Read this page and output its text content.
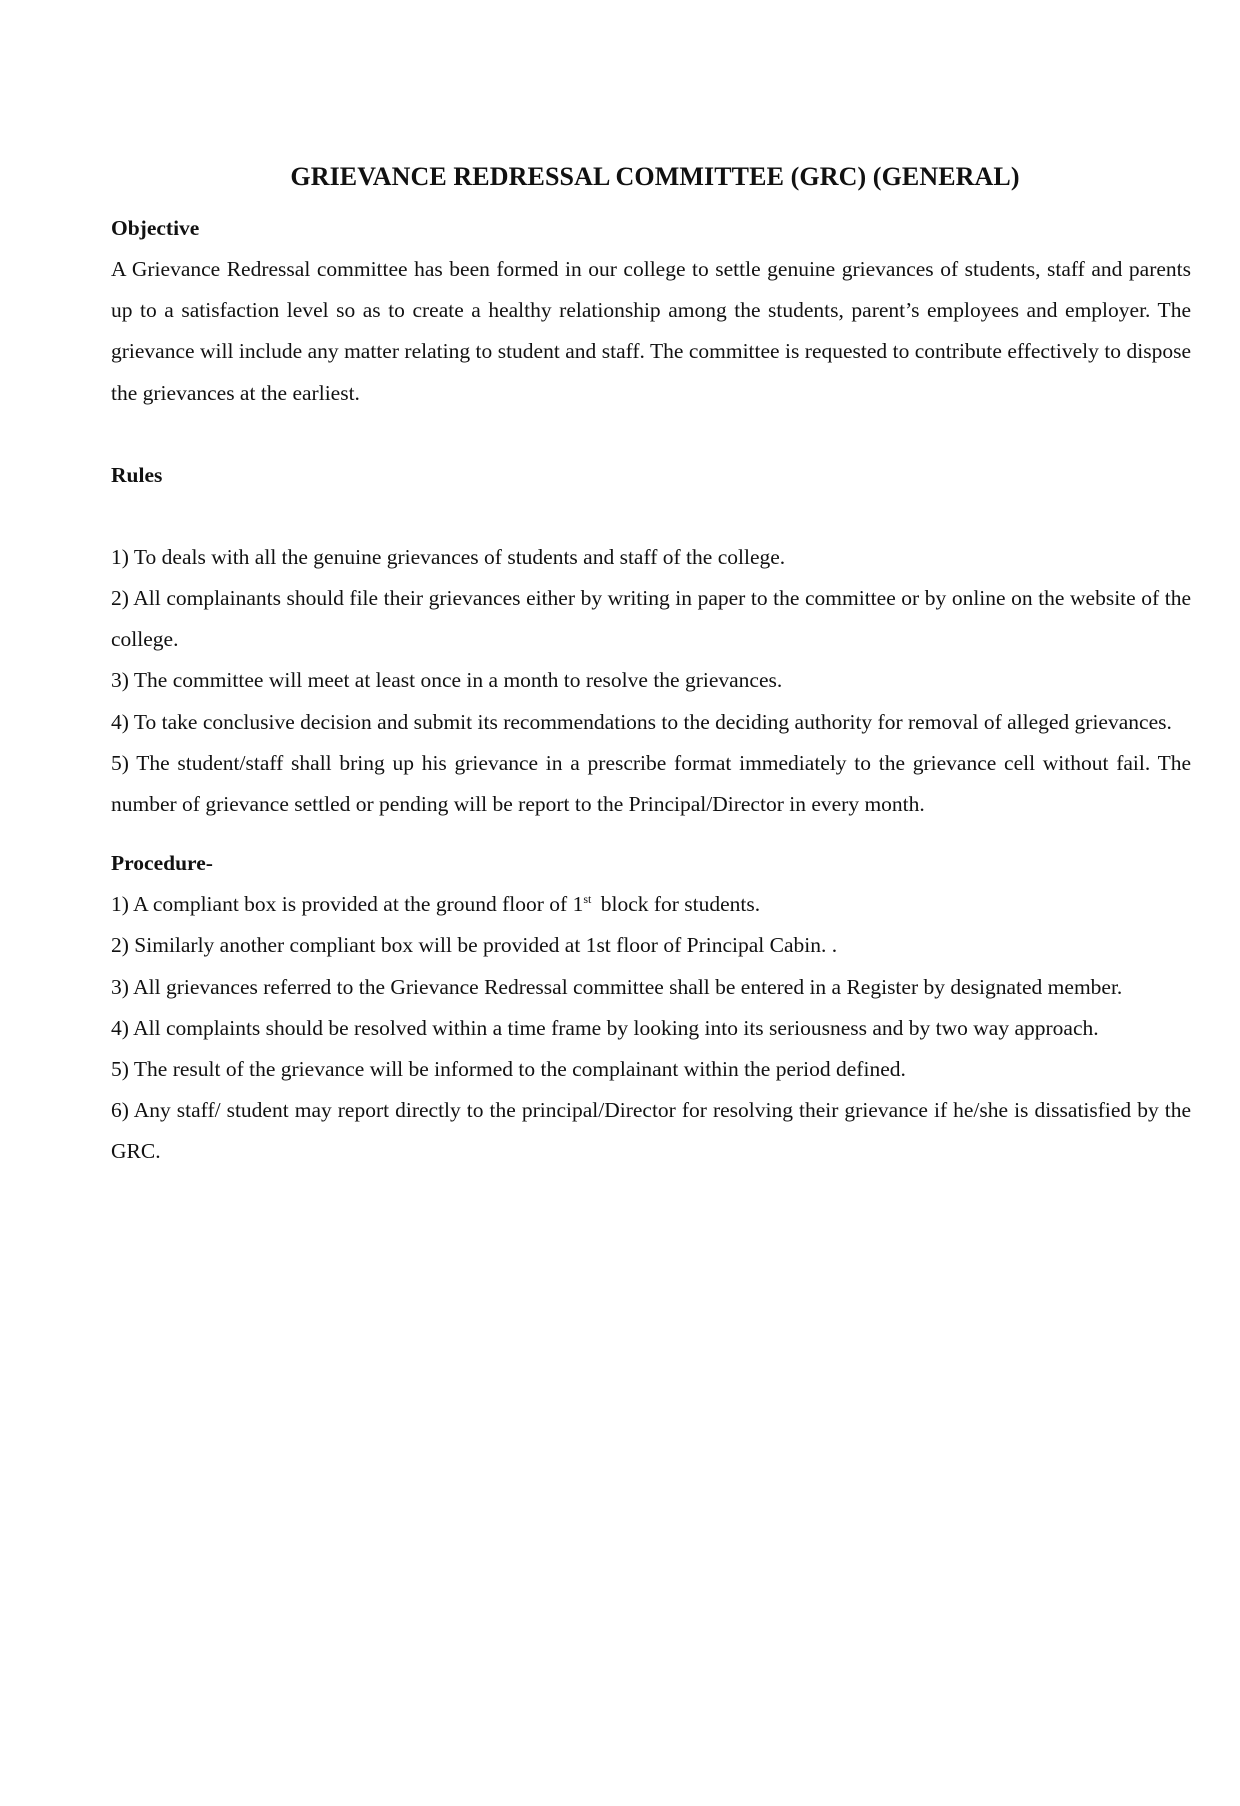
GRIEVANCE REDRESSAL COMMITTEE (GRC) (GENERAL)

Objective

A Grievance Redressal committee has been formed in our college to settle genuine grievances of students, staff and parents up to a satisfaction level so as to create a healthy relationship among the students, parent’s employees and employer. The grievance will include any matter relating to student and staff. The committee is requested to contribute effectively to dispose the grievances at the earliest.

Rules

1) To deals with all the genuine grievances of students and staff of the college.
2) All complainants should file their grievances either by writing in paper to the committee or by online on the website of the college.
3) The committee will meet at least once in a month to resolve the grievances.
4) To take conclusive decision and submit its recommendations to the deciding authority for removal of alleged grievances.
5) The student/staff shall bring up his grievance in a prescribe format immediately to the grievance cell without fail. The number of grievance settled or pending will be report to the Principal/Director in every month.

Procedure-

1) A compliant box is provided at the ground floor of 1st block for students.
2) Similarly another compliant box will be provided at 1st floor of Principal Cabin. .
3) All grievances referred to the Grievance Redressal committee shall be entered in a Register by designated member.
4) All complaints should be resolved within a time frame by looking into its seriousness and by two way approach.
5) The result of the grievance will be informed to the complainant within the period defined.
6) Any staff/ student may report directly to the principal/Director for resolving their grievance if he/she is dissatisfied by the GRC.
